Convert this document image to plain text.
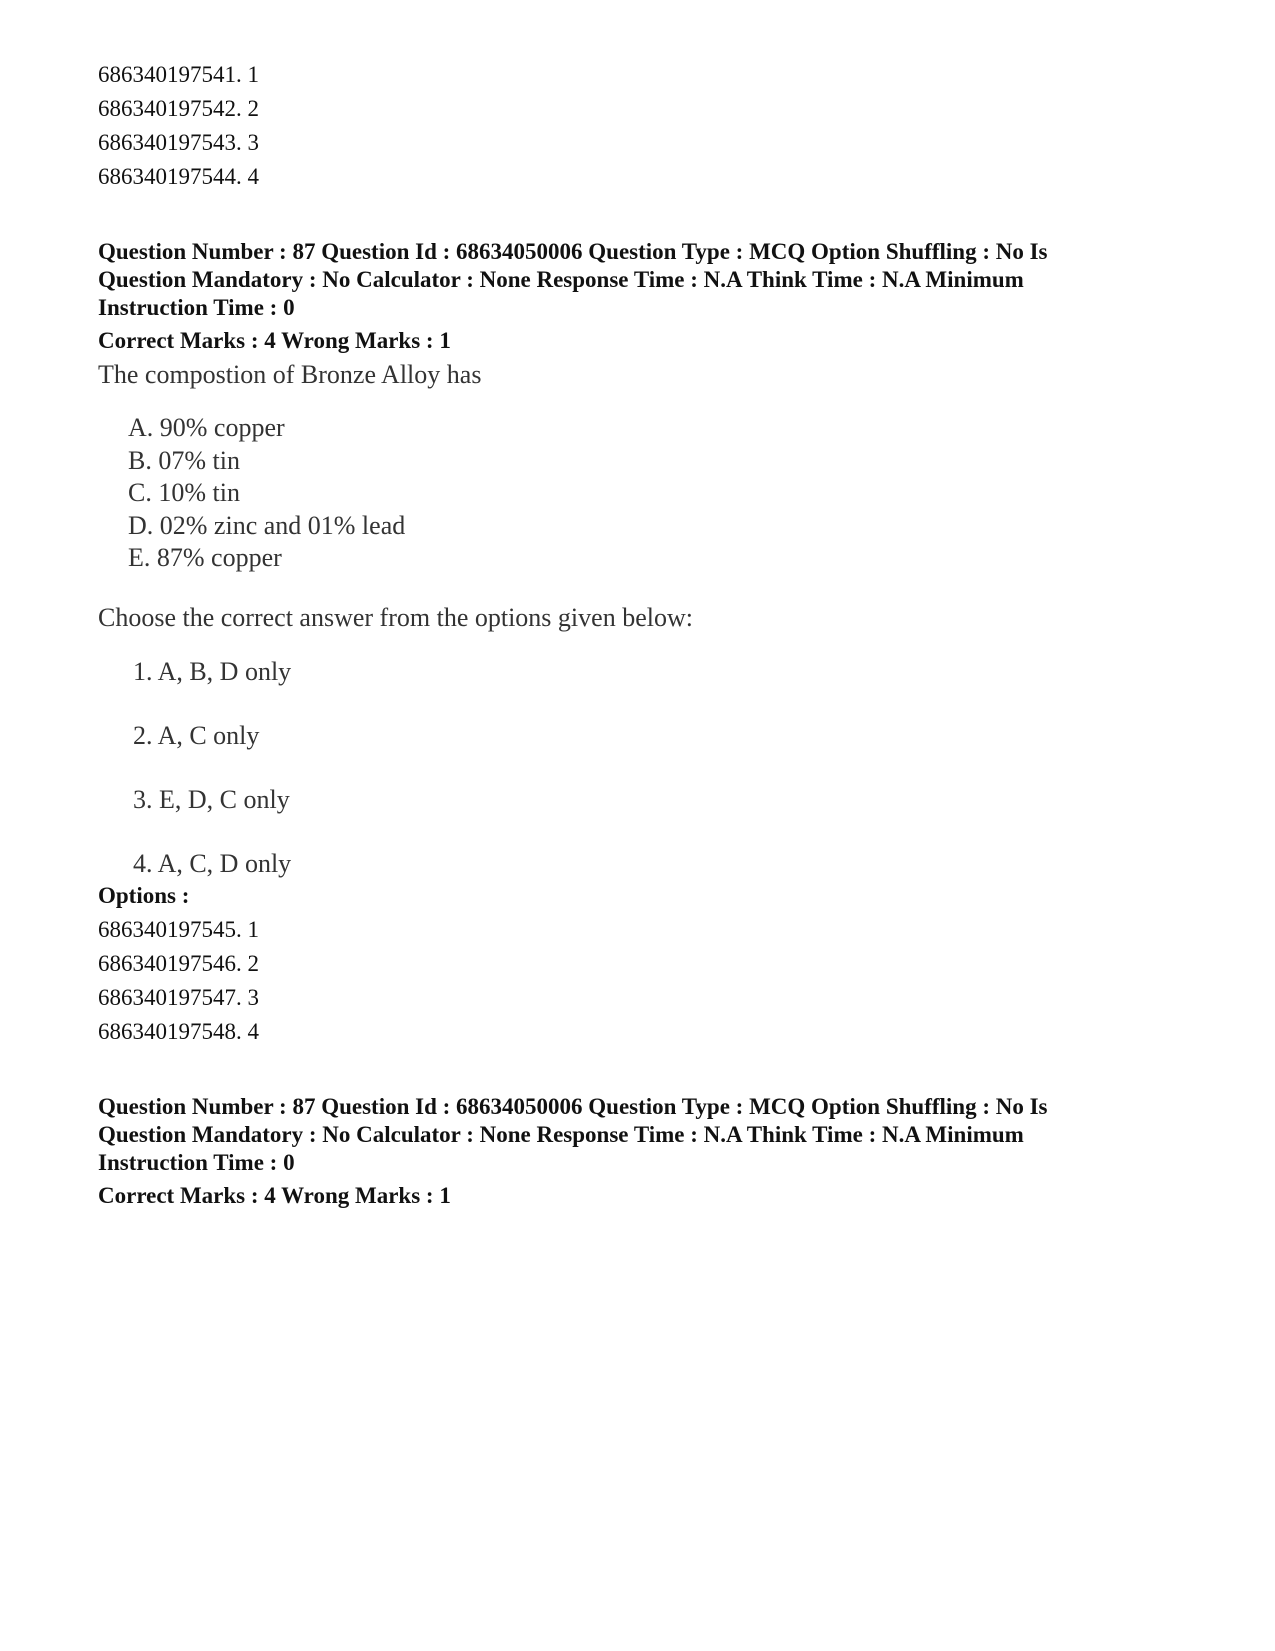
686340197541. 1
686340197542. 2
686340197543. 3
686340197544. 4
Question Number : 87 Question Id : 68634050006 Question Type : MCQ Option Shuffling : No Is Question Mandatory : No Calculator : None Response Time : N.A Think Time : N.A Minimum Instruction Time : 0
Correct Marks : 4 Wrong Marks : 1
The compostion of Bronze Alloy has
A. 90% copper
B. 07% tin
C. 10% tin
D. 02% zinc and 01% lead
E. 87% copper
Choose the correct answer from the options given below:
1. A, B, D only
2. A, C only
3. E, D, C only
4. A, C, D only
Options :
686340197545. 1
686340197546. 2
686340197547. 3
686340197548. 4
Question Number : 87 Question Id : 68634050006 Question Type : MCQ Option Shuffling : No Is Question Mandatory : No Calculator : None Response Time : N.A Think Time : N.A Minimum Instruction Time : 0
Correct Marks : 4 Wrong Marks : 1
